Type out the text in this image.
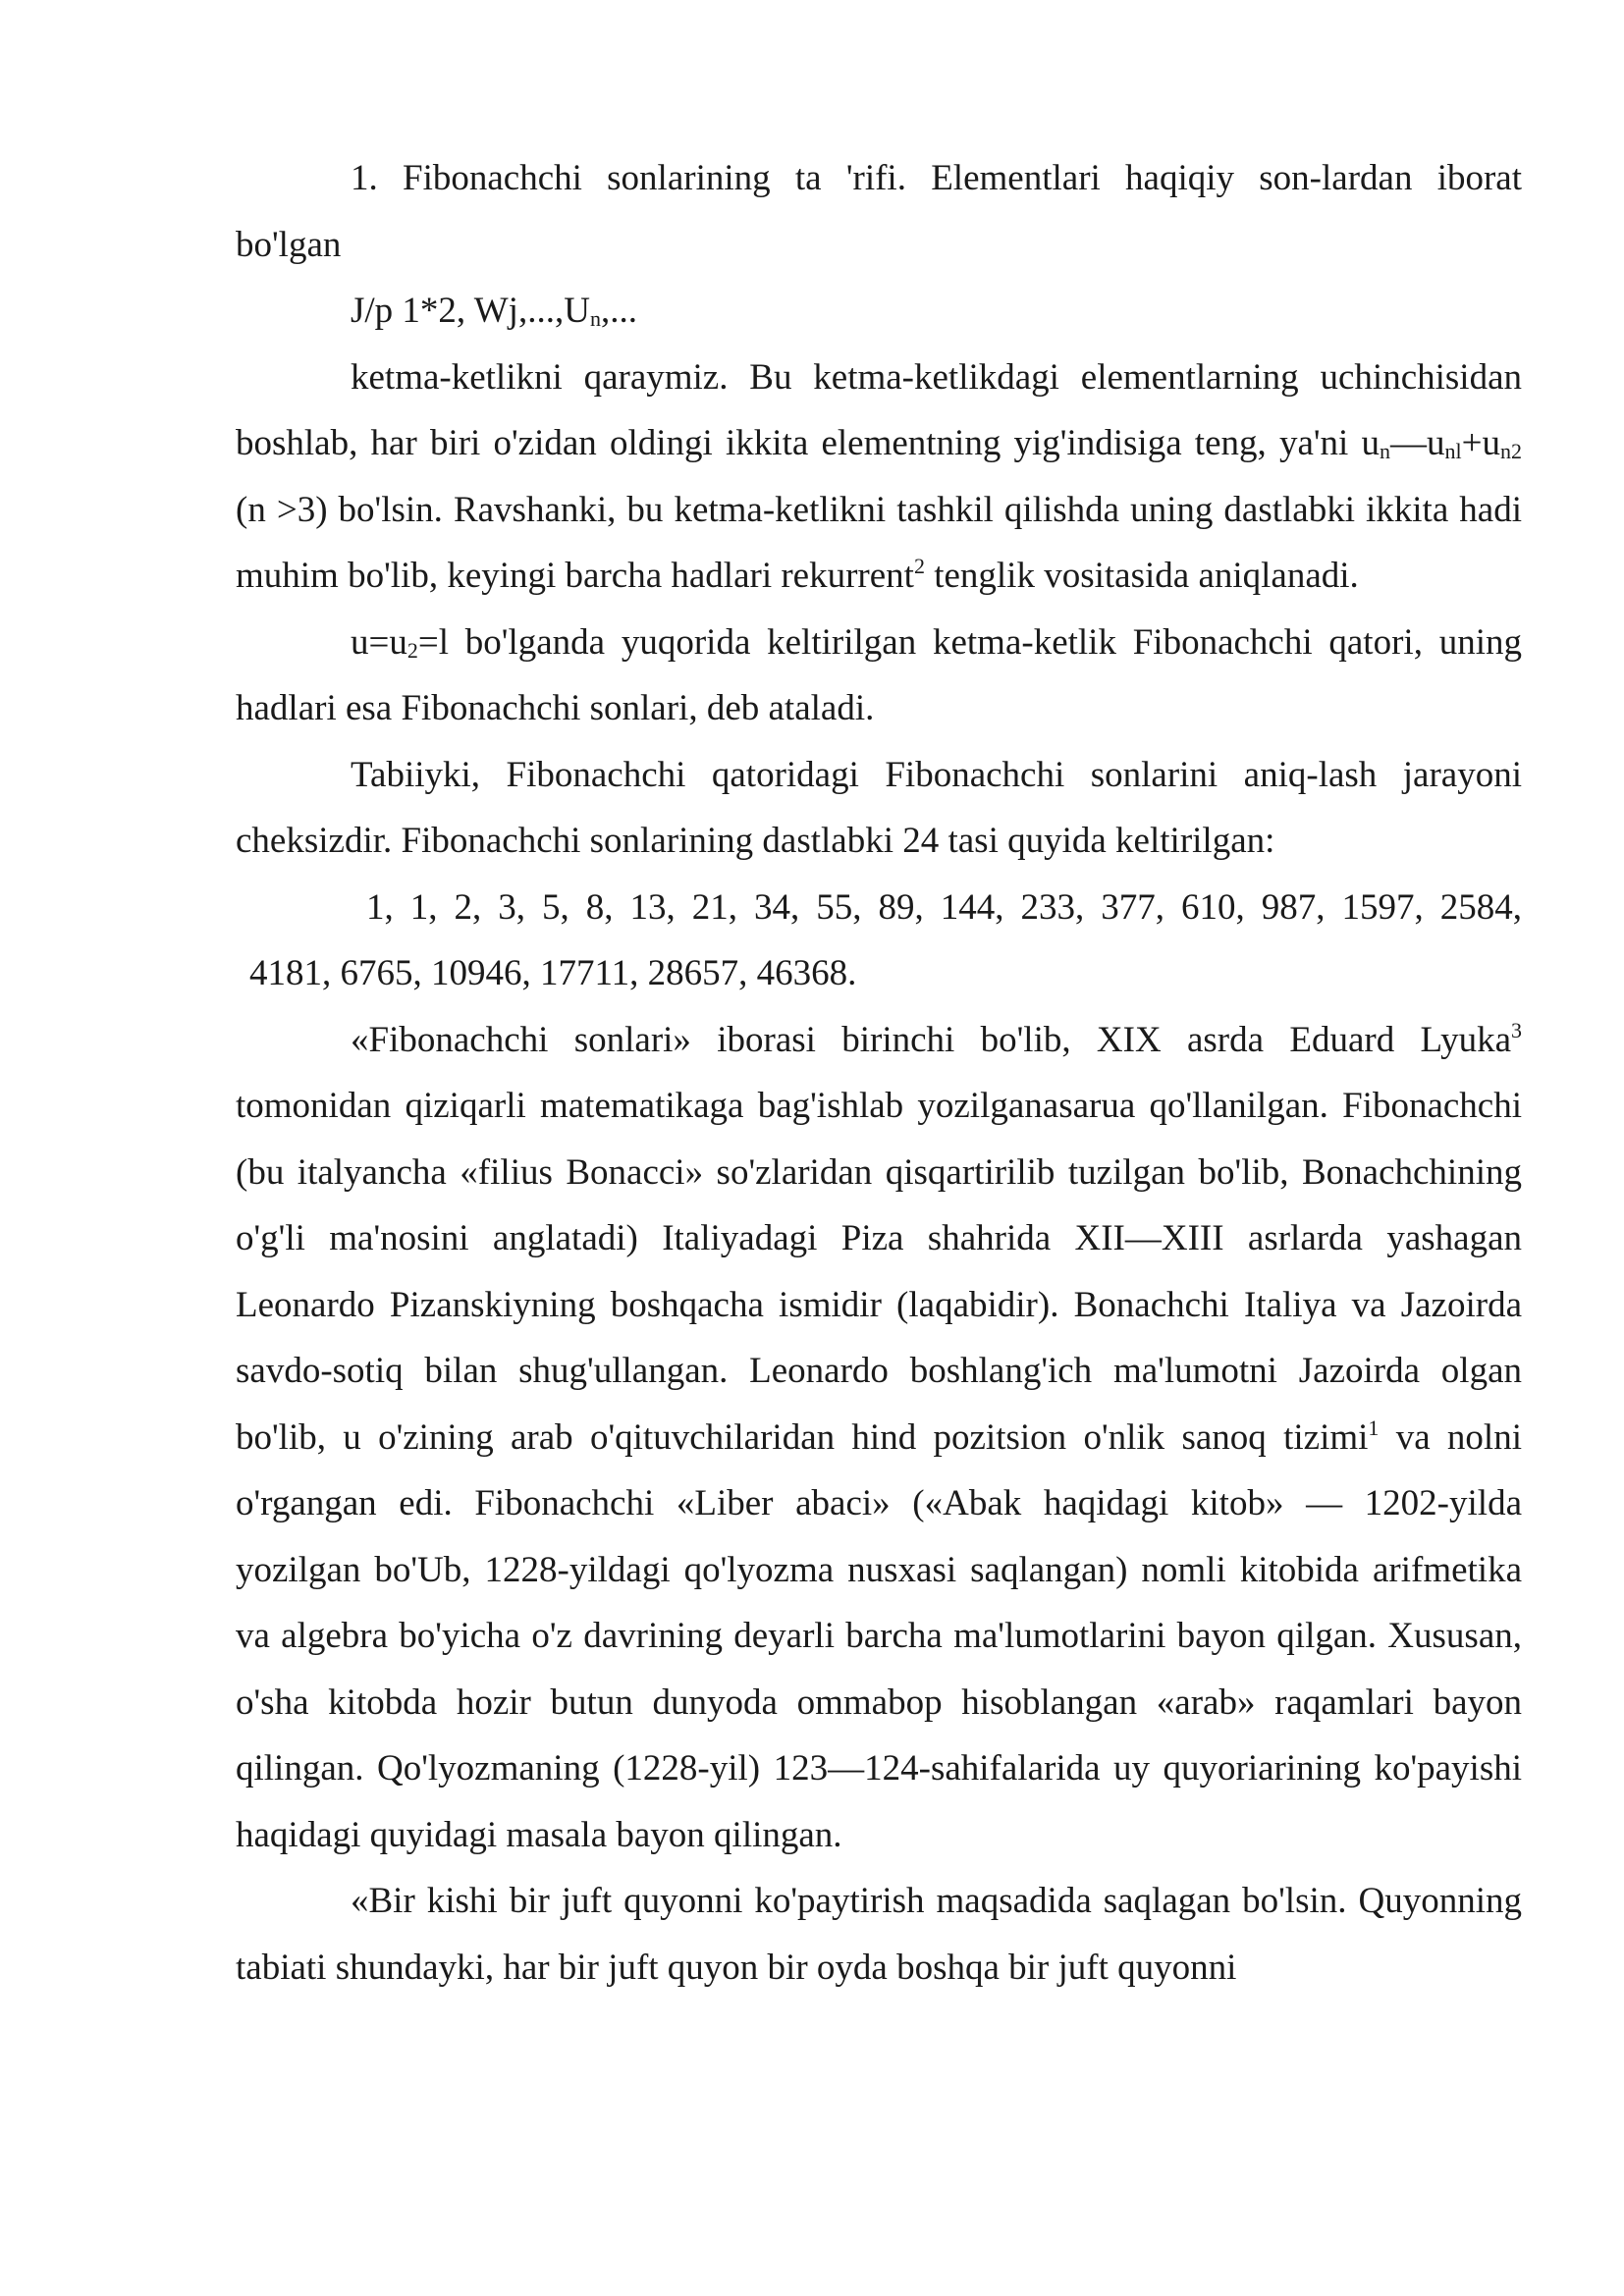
1. Fibonachchi sonlarining ta 'rifi. Elementlari haqiqiy son-lardan iborat

bo'lgan

J/p 1*2, $Wj,...,U_n$,...

ketma-ketlikni qaraymiz. Bu ketma-ketlikdagi elementlarning uchinchisidan boshlab, har biri o'zidan oldingi ikkita elementning yig'indisiga teng, ya'ni $u_n—u_{nl}+u_{n2}$ (n >3) bo'lsin. Ravshanki, bu ketma-ketlikni tashkil qilishda uning dastlabki ikkita hadi muhim bo'lib, keyingi barcha hadlari rekurrent$^2$ tenglik vositasida aniqlanadi.

$u=u_2=l$ bo'lganda yuqorida keltirilgan ketma-ketlik Fibonachchi qatori, uning hadlari esa Fibonachchi sonlari, deb ataladi.

Tabiiyki, Fibonachchi qatoridagi Fibonachchi sonlarini aniq-lash jarayoni cheksizdir. Fibonachchi sonlarining dastlabki 24 tasi quyida keltirilgan:

1, 1, 2, 3, 5, 8, 13, 21, 34, 55, 89, 144, 233, 377, 610, 987, 1597, 2584,

4181, 6765, 10946, 17711, 28657, 46368.

«Fibonachchi sonlari» iborasi birinchi bo'lib, XIX asrda Eduard Lyuka$^3$ tomonidan qiziqarli matematikaga bag'ishlab yozilganasarua qo'llanilgan. Fibonachchi (bu italyancha «filius Bonacci» so'zlaridan qisqartirilib tuzilgan bo'lib, Bonachchining o'g'li ma'nosini anglatadi) Italiyadagi Piza shahrida XII—XIII asrlarda yashagan Leonardo Pizanskiyning boshqacha ismidir (laqabidir). Bonachchi Italiya va Jazoirda savdo-sotiq bilan shug'ullangan. Leonardo boshlang'ich ma'lumotni Jazoirda olgan bo'lib, u o'zining arab o'qituvchilaridan hind pozitsion o'nlik sanoq tizimi$^1$ va nolni o'rgangan edi. Fibonachchi «Liber abaci» («Abak haqidagi kitob» — 1202-yilda yozilgan bo'Ub, 1228-yildagi qo'lyozma nusxasi saqlangan) nomli kitobida arifmetika va algebra bo'yicha o'z davrining deyarli barcha ma'lumotlarini bayon qilgan. Xususan, o'sha kitobda hozir butun dunyoda ommabop hisoblangan «arab» raqamlari bayon qilingan. Qo'lyozmaning (1228-yil) 123—124-sahifalarida uy quyoriarining ko'payishi haqidagi quyidagi masala bayon qilingan.

«Bir kishi bir juft quyonni ko'paytirish maqsadida saqlagan bo'lsin. Quyonning tabiati shundayki, har bir juft quyon bir oyda boshqa bir juft quyonni
